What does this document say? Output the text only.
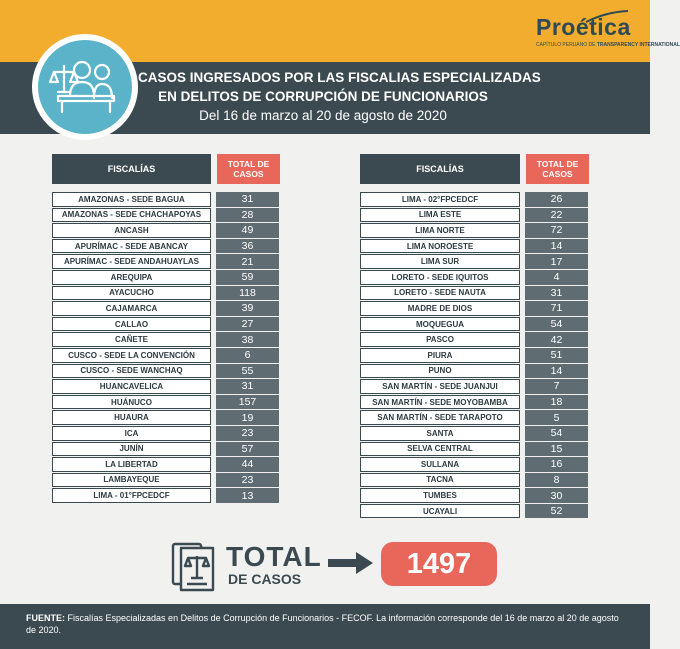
Proética
CAPÍTULO PERUANO DE TRANSPARENCY INTERNATIONAL
CASOS INGRESADOS POR LAS FISCALIAS ESPECIALIZADAS
EN DELITOS DE CORRUPCIÓN DE FUNCIONARIOS
Del 16 de marzo al 20 de agosto de 2020
FISCALÍAS	TOTAL DE
CASOS	FISCALÍAS	TOTAL DE
CASOS
AMAZONAS - SEDE BAGUA	31
AMAZONAS - SEDE CHACHAPOYAS	28
ANCASH	49
APURÍMAC - SEDE ABANCAY	36
APURÍMAC - SEDE ANDAHUAYLAS	21
AREQUIPA	59
AYACUCHO	118
CAJAMARCA	39
CALLAO	27
CAÑETE	38
CUSCO - SEDE LA CONVENCIÓN	6
CUSCO - SEDE WANCHAQ	55
HUANCAVELICA	31
HUÁNUCO	157
HUAURA	19
ICA	23
JUNÍN	57
LA LIBERTAD	44
LAMBAYEQUE	23
LIMA - 01°FPCEDCF	13
LIMA - 02°FPCEDCF	26
LIMA ESTE	22
LIMA NORTE	72
LIMA NOROESTE	14
LIMA SUR	17
LORETO - SEDE IQUITOS	4
LORETO - SEDE NAUTA	31
MADRE DE DIOS	71
MOQUEGUA	54
PASCO	42
PIURA	51
PUNO	14
SAN MARTÍN - SEDE JUANJUI	7
SAN MARTÍN - SEDE MOYOBAMBA	18
SAN MARTÍN - SEDE TARAPOTO	5
SANTA	54
SELVA CENTRAL	15
SULLANA	16
TACNA	8
TUMBES	30
UCAYALI	52
TOTAL
DE CASOS	1497
FUENTE: Fiscalías Especializadas en Delitos de Corrupción de Funcionarios - FECOF. La información corresponde del 16 de marzo al 20 de agosto de 2020.
